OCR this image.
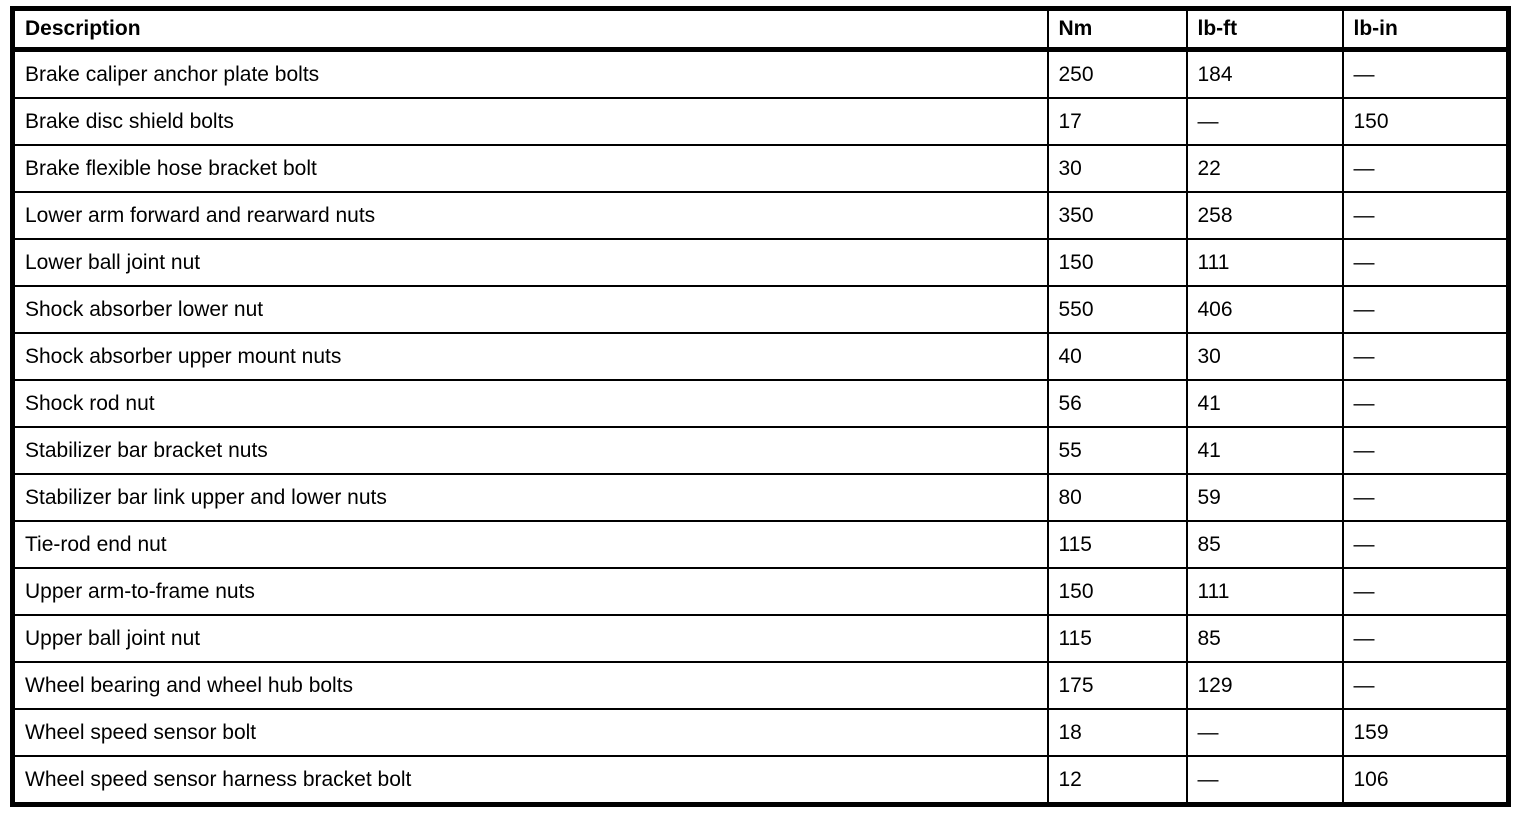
Description	Nm	lb-ft	lb-in
Brake caliper anchor plate bolts	250	184	—
Brake disc shield bolts	17	—	150
Brake flexible hose bracket bolt	30	22	—
Lower arm forward and rearward nuts	350	258	—
Lower ball joint nut	150	111	—
Shock absorber lower nut	550	406	—
Shock absorber upper mount nuts	40	30	—
Shock rod nut	56	41	—
Stabilizer bar bracket nuts	55	41	—
Stabilizer bar link upper and lower nuts	80	59	—
Tie-rod end nut	115	85	—
Upper arm-to-frame nuts	150	111	—
Upper ball joint nut	115	85	—
Wheel bearing and wheel hub bolts	175	129	—
Wheel speed sensor bolt	18	—	159
Wheel speed sensor harness bracket bolt	12	—	106
